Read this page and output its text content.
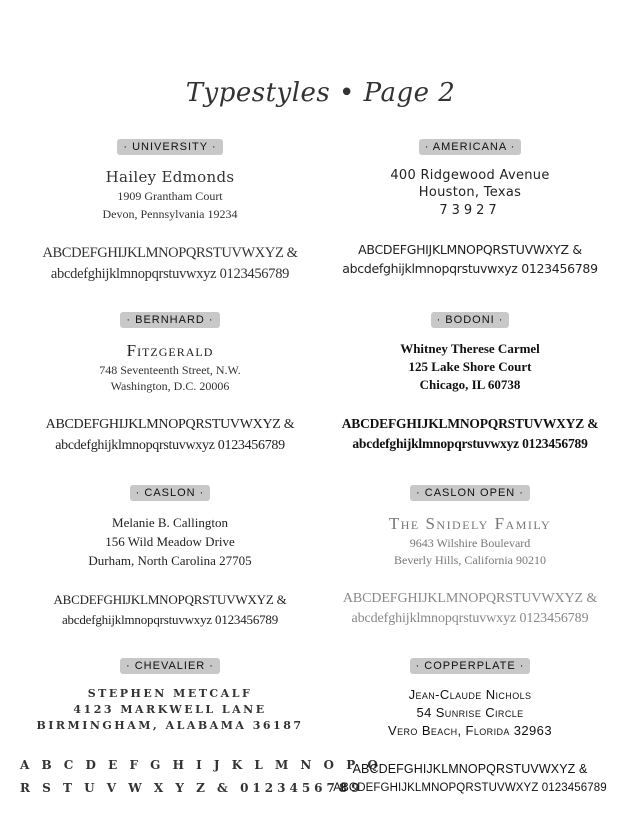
Typestyles • Page 2
· UNIVERSITY ·
Hailey Edmonds
1909 Grantham Court
Devon, Pennsylvania 19234
ABCDEFGHIJKLMNOPQRSTUVWXYZ &
abcdefghijklmnopqrstuvwxyz 0123456789
· AMERICANA ·
400 Ridgewood Avenue
Houston, Texas
73927
ABCDEFGHIJKLMNOPQRSTUVWXYZ &
abcdefghijklmnopqrstuvwxyz 0123456789
· BERNHARD ·
Fitzgerald
748 Seventeenth Street, N.W.
Washington, D.C. 20006
ABCDEFGHIJKLMNOPQRSTUVWXYZ &
abcdefghijklmnopqrstuvwxyz 0123456789
· BODONI ·
Whitney Therese Carmel
125 Lake Shore Court
Chicago, IL 60738
ABCDEFGHIJKLMNOPQRSTUVWXYZ &
abcdefghijklmnopqrstuvwxyz 0123456789
· CASLON ·
Melanie B. Callington
156 Wild Meadow Drive
Durham, North Carolina 27705
ABCDEFGHIJKLMNOPQRSTUVWXYZ &
abcdefghijklmnopqrstuvwxyz 0123456789
· CASLON OPEN ·
The Snidely Family
9643 Wilshire Boulevard
Beverly Hills, California 90210
ABCDEFGHIJKLMNOPQRSTUVWXYZ &
abcdefghijklmnopqrstuvwxyz 0123456789
· CHEVALIER ·
STEPHEN METCALF
4123 MARKWELL LANE
BIRMINGHAM, ALABAMA 36187
A B C D E F G H I J K L M N O P Q
R S T U V W X Y Z & 0123456789
· COPPERPLATE ·
Jean-Claude Nichols
54 Sunrise Circle
Vero Beach, Florida 32963
ABCDEFGHIJKLMNOPQRSTUVWXYZ &
ABCDEFGHIJKLMNOPQRSTUVWXYZ 0123456789
